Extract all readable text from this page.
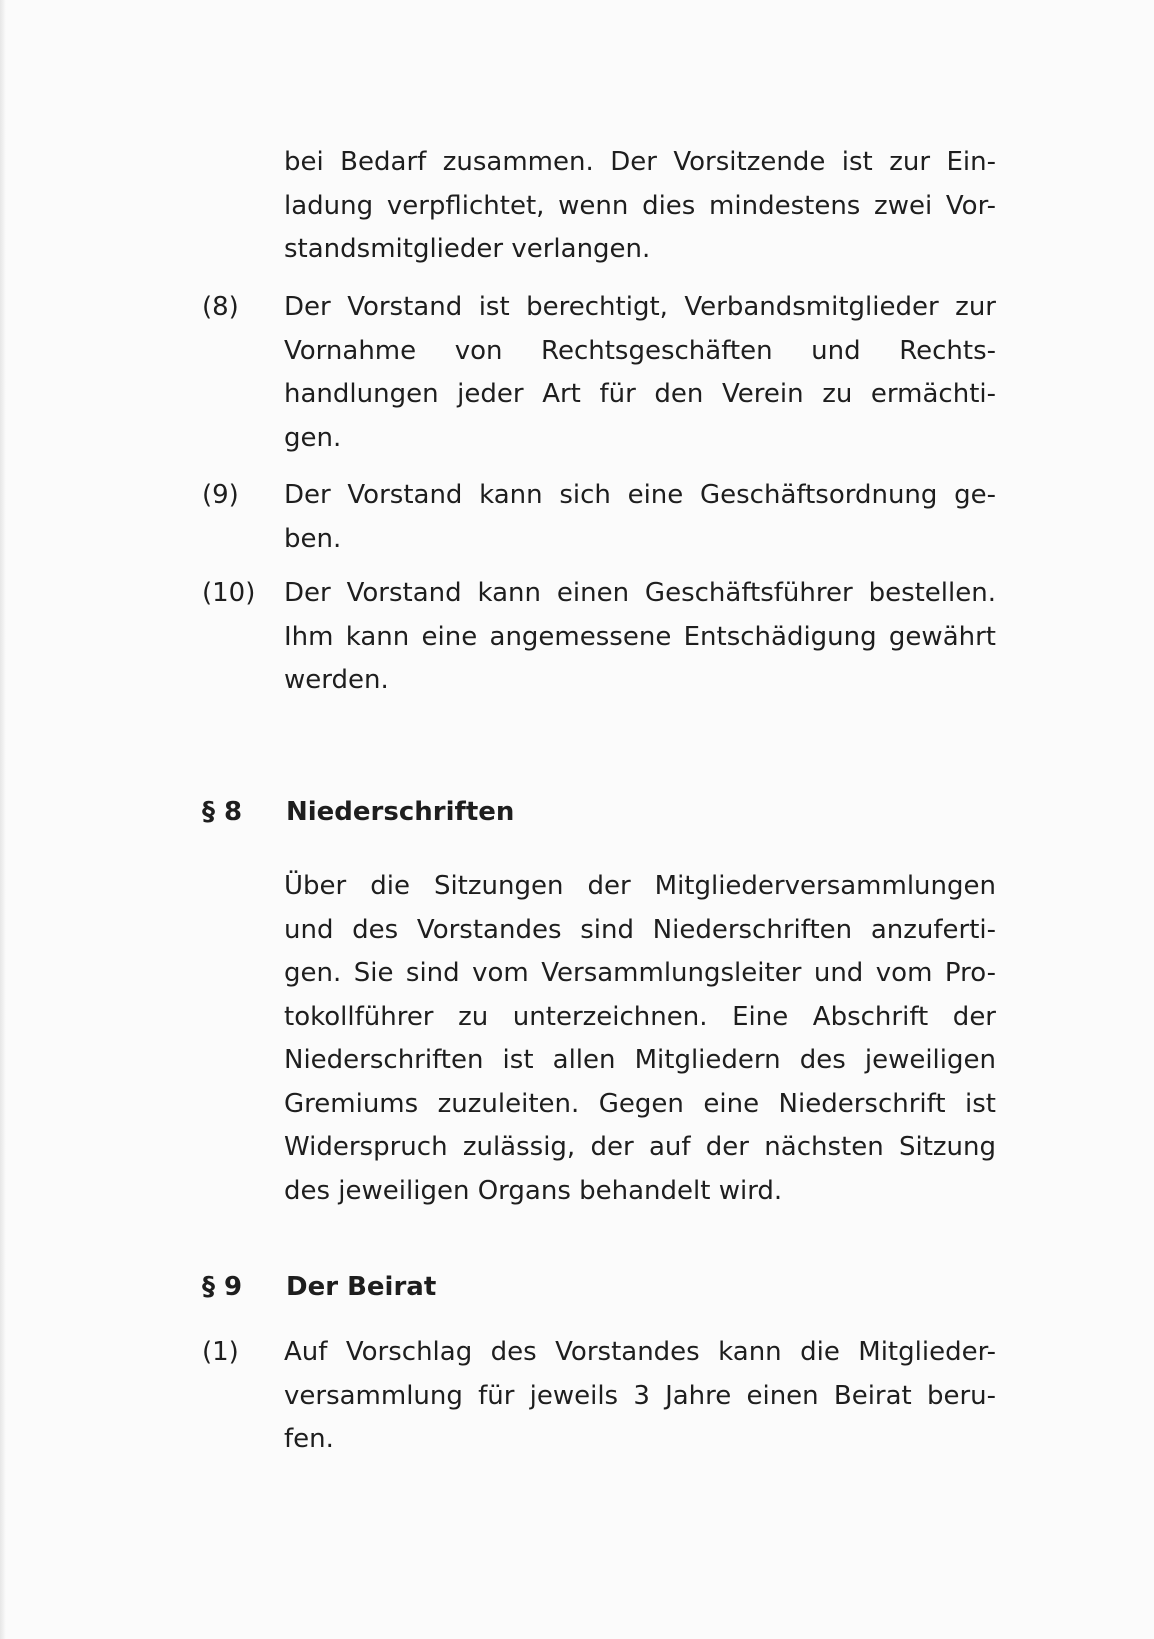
bei Bedarf zusammen. Der Vorsitzende ist zur Ein-
ladung verpflichtet, wenn dies mindestens zwei Vor-
standsmitglieder verlangen.
(8) Der Vorstand ist berechtigt, Verbandsmitglieder zur
Vornahme von Rechtsgeschäften und Rechts-
handlungen jeder Art für den Verein zu ermächti-
gen.
(9) Der Vorstand kann sich eine Geschäftsordnung ge-
ben.
(10) Der Vorstand kann einen Geschäftsführer bestellen.
Ihm kann eine angemessene Entschädigung gewährt
werden.
§ 8 Niederschriften
Über die Sitzungen der Mitgliederversammlungen
und des Vorstandes sind Niederschriften anzuferti-
gen. Sie sind vom Versammlungsleiter und vom Pro-
tokollführer zu unterzeichnen. Eine Abschrift der
Niederschriften ist allen Mitgliedern des jeweiligen
Gremiums zuzuleiten. Gegen eine Niederschrift ist
Widerspruch zulässig, der auf der nächsten Sitzung
des jeweiligen Organs behandelt wird.
§ 9 Der Beirat
(1) Auf Vorschlag des Vorstandes kann die Mitglieder-
versammlung für jeweils 3 Jahre einen Beirat beru-
fen.
